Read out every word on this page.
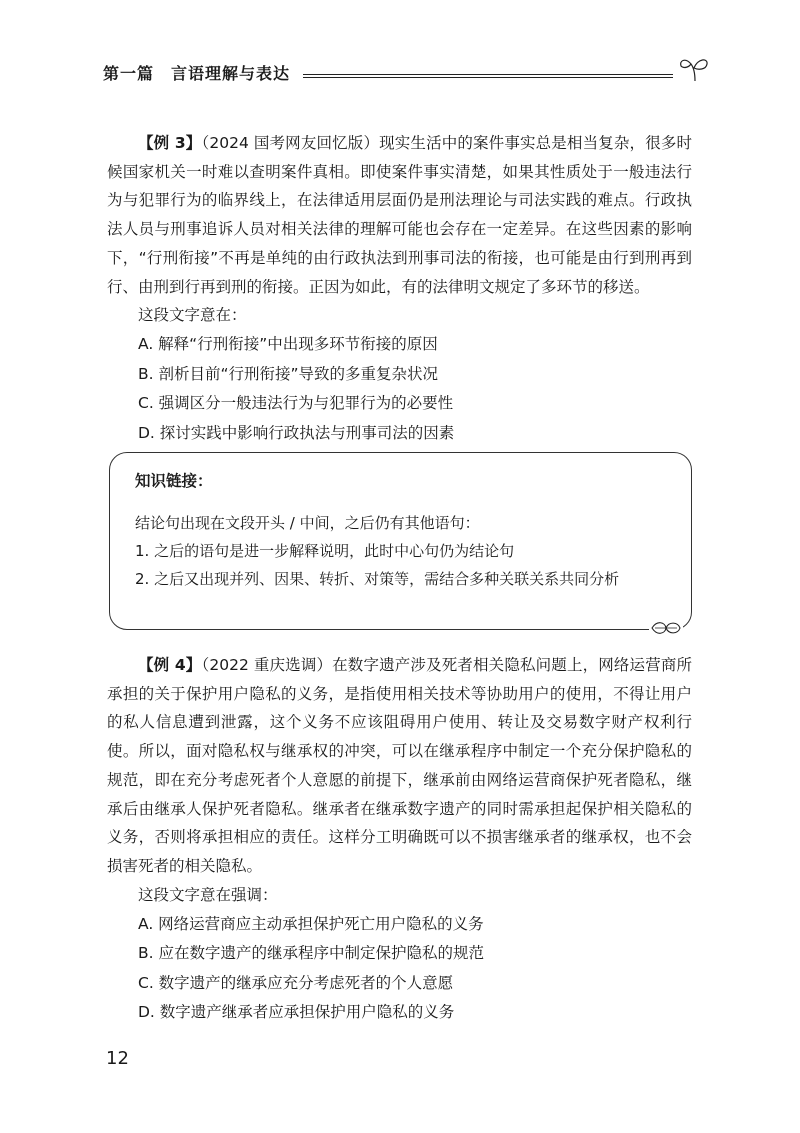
第一篇　言语理解与表达

【例 3】（2024 国考网友回忆版）现实生活中的案件事实总是相当复杂，很多时候国家机关一时难以查明案件真相。即使案件事实清楚，如果其性质处于一般违法行为与犯罪行为的临界线上，在法律适用层面仍是刑法理论与司法实践的难点。行政执法人员与刑事追诉人员对相关法律的理解可能也会存在一定差异。在这些因素的影响下，“行刑衔接”不再是单纯的由行政执法到刑事司法的衔接，也可能是由行到刑再到行、由刑到行再到刑的衔接。正因为如此，有的法律明文规定了多环节的移送。

这段文字意在：

A. 解释“行刑衔接”中出现多环节衔接的原因

B. 剖析目前“行刑衔接”导致的多重复杂状况

C. 强调区分一般违法行为与犯罪行为的必要性

D. 探讨实践中影响行政执法与刑事司法的因素

知识链接：

结论句出现在文段开头 / 中间，之后仍有其他语句：

1. 之后的语句是进一步解释说明，此时中心句仍为结论句

2. 之后又出现并列、因果、转折、对策等，需结合多种关联关系共同分析

【例 4】（2022 重庆选调）在数字遗产涉及死者相关隐私问题上，网络运营商所承担的关于保护用户隐私的义务，是指使用相关技术等协助用户的使用，不得让用户的私人信息遭到泄露，这个义务不应该阻碍用户使用、转让及交易数字财产权利行使。所以，面对隐私权与继承权的冲突，可以在继承程序中制定一个充分保护隐私的规范，即在充分考虑死者个人意愿的前提下，继承前由网络运营商保护死者隐私，继承后由继承人保护死者隐私。继承者在继承数字遗产的同时需承担起保护相关隐私的义务，否则将承担相应的责任。这样分工明确既可以不损害继承者的继承权，也不会损害死者的相关隐私。

这段文字意在强调：

A. 网络运营商应主动承担保护死亡用户隐私的义务

B. 应在数字遗产的继承程序中制定保护隐私的规范

C. 数字遗产的继承应充分考虑死者的个人意愿

D. 数字遗产继承者应承担保护用户隐私的义务

12
